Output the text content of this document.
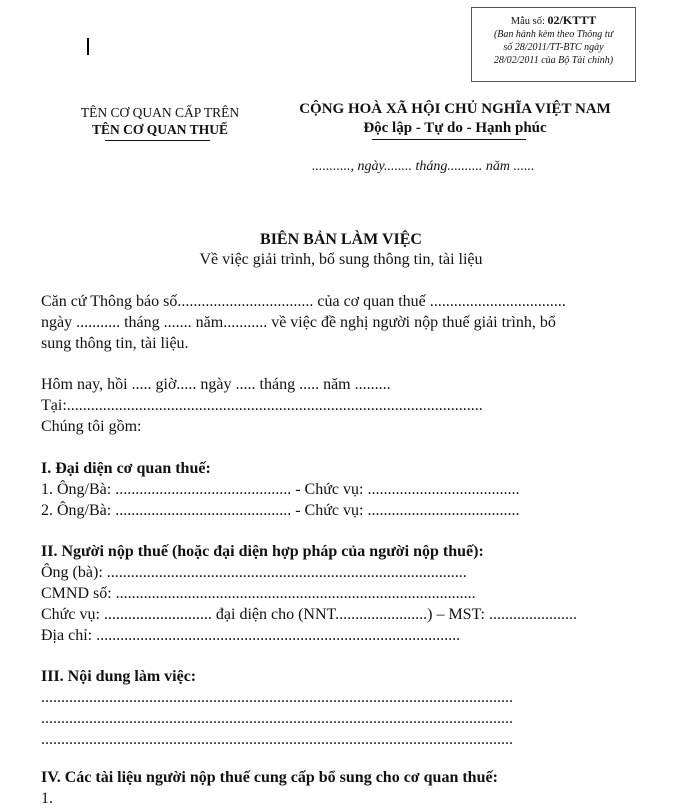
Mẫu số: 02/KTTT
(Ban hành kèm theo Thông tư
số 28/2011/TT-BTC ngày
28/02/2011 của Bộ Tài chính)
TÊN CƠ QUAN CẤP TRÊN
TÊN CƠ QUAN THUẾ
CỘNG HOÀ XÃ HỘI CHỦ NGHĨA VIỆT NAM
Độc lập - Tự do - Hạnh phúc
..........., ngày........ tháng.......... năm ......
BIÊN BẢN LÀM VIỆC
Về việc giải trình, bổ sung thông tin, tài liệu
Căn cứ Thông báo số.................................. của cơ quan thuế ..................................
ngày ........... tháng ....... năm........... về việc đề nghị người nộp thuế giải trình, bổ
sung thông tin, tài liệu.
Hôm nay, hồi ..... giờ..... ngày ..... tháng ..... năm .........
Tại:........................................................................................................
Chúng tôi gồm:
I. Đại diện cơ quan thuế:
1. Ông/Bà: ............................................ - Chức vụ: ......................................
2. Ông/Bà: ............................................ - Chức vụ: ......................................
II. Người nộp thuế (hoặc đại diện hợp pháp của người nộp thuế):
Ông (bà): ..........................................................................................
CMND số: ..........................................................................................
Chức vụ: ........................... đại diện cho (NNT.......................) – MST: ......................
Địa chỉ: ...........................................................................................
III. Nội dung làm việc:
......................................................................................................................
......................................................................................................................
......................................................................................................................
IV. Các tài liệu người nộp thuế cung cấp bổ sung cho cơ quan thuế:
1.
